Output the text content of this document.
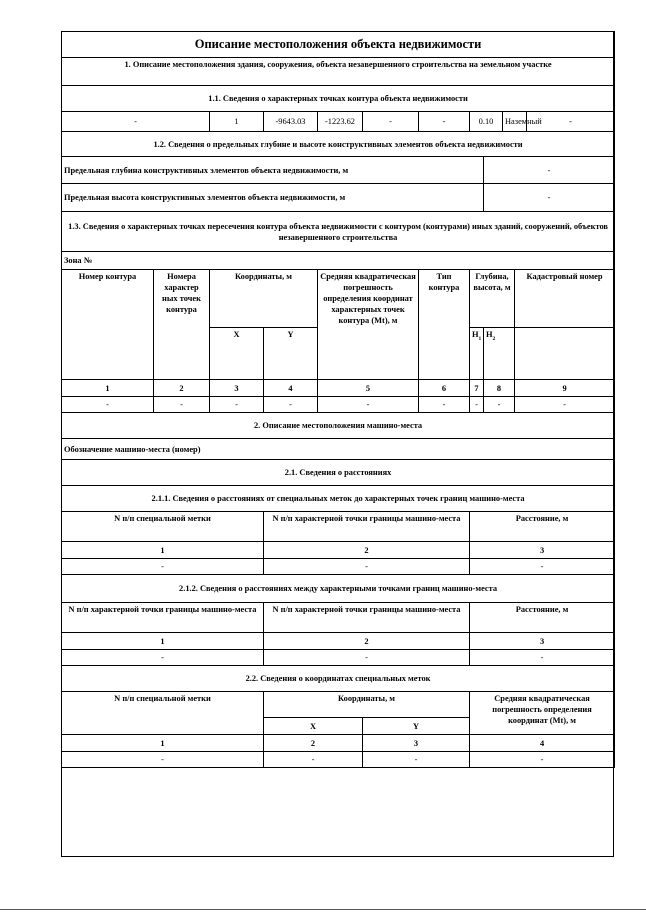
Описание местоположения объекта недвижимости											
1. Описание местоположения здания, сооружения, объекта незавершенного строительства на земельном участке											
1.1. Сведения о характерных точках контура объекта недвижимости											
-		1	-9643.03	-1223.62	-	-	0.10		Наземный		-
1.2. Сведения о предельных глубине и высоте конструктивных элементов объекта недвижимости											
Предельная глубина конструктивных элементов объекта недвижимости, м								-			
Предельная высота конструктивных элементов объекта недвижимости, м								-			
1.3. Сведения о характерных точках пересечения контура объекта недвижимости с контуром (контурами) иных зданий, сооружений, объектов незавершенного строительства											
Зона №											
Номер контура	Номера характер ных точек контура	Координаты, м		Средняя квадратическая погрешность определения координат характерных точек контура (Mt), м		Тип контура	Глубина, высота, м			Кадастровый номер	
		X	Y				$H_1$	$H_2$	
1	2	3	4	5		6	7	8		9	
-	-	-	-	-		-	-	-		-	
2. Описание местоположения машино-места											
Обозначение машино-места (номер)											
2.1. Сведения о расстояниях											
2.1.1. Сведения о расстояниях от специальных меток до характерных точек границ машино-места											
N п/п специальной метки			N п/п характерной точки границы машино-места				Расстояние, м				
1			2				3				
-			-				-				
2.1.2. Сведения о расстояниях между характерными точками границ машино-места											
N п/п характерной точки границы машино-места			N п/п характерной точки границы машино-места				Расстояние, м				
1			2				3				
-			-				-				
2.2. Сведения о координатах специальных меток											
N п/п специальной метки			Координаты, м				Средняя квадратическая погрешность определения координат (Mt), м				
			X		Y						
1			2		3		4				
-			-		-		-				
